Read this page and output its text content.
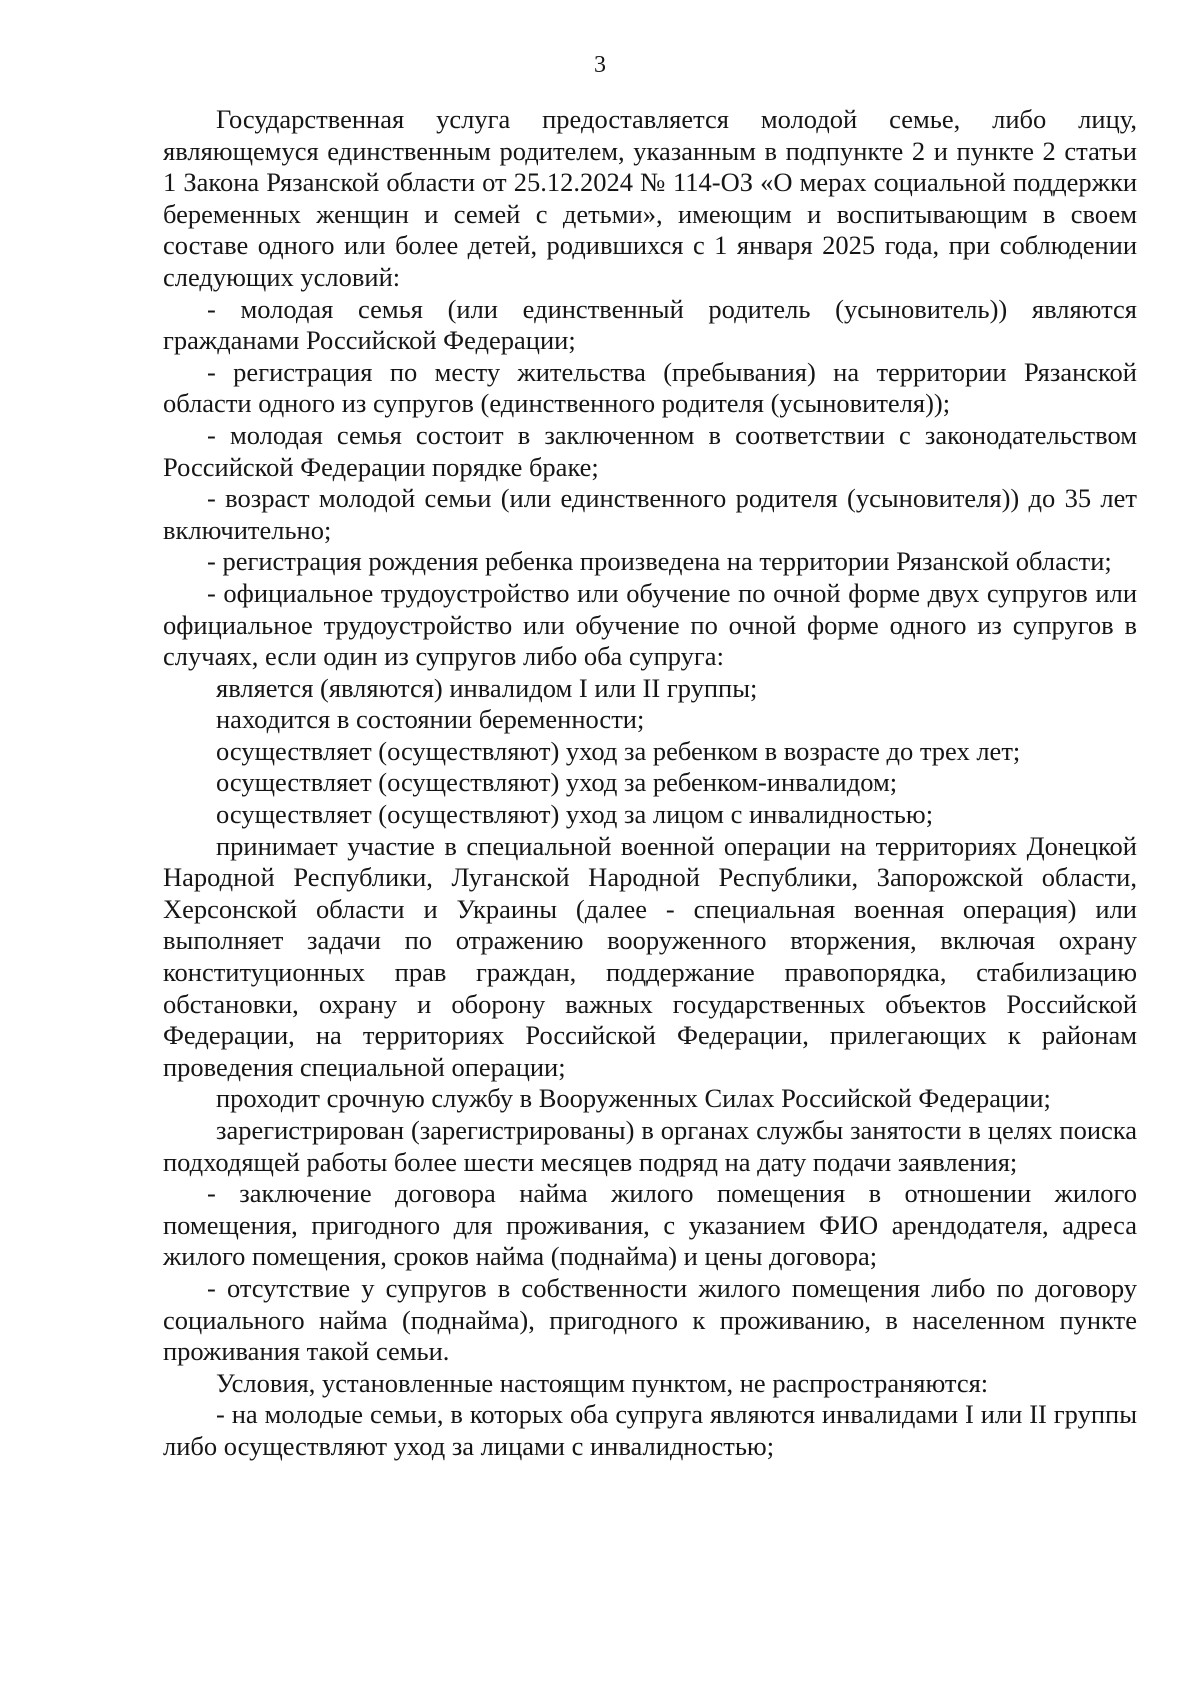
3

Государственная услуга предоставляется молодой семье, либо лицу, являющемуся единственным родителем, указанным в подпункте 2 и пункте 2 статьи 1 Закона Рязанской области от 25.12.2024 № 114-ОЗ «О мерах социальной поддержки беременных женщин и семей с детьми», имеющим и воспитывающим в своем составе одного или более детей, родившихся с 1 января 2025 года, при соблюдении следующих условий:

- молодая семья (или единственный родитель (усыновитель)) являются гражданами Российской Федерации;

- регистрация по месту жительства (пребывания) на территории Рязанской области одного из супругов (единственного родителя (усыновителя));

- молодая семья состоит в заключенном в соответствии с законодательством Российской Федерации порядке браке;

- возраст молодой семьи (или единственного родителя (усыновителя)) до 35 лет включительно;

- регистрация рождения ребенка произведена на территории Рязанской области;

- официальное трудоустройство или обучение по очной форме двух супругов или официальное трудоустройство или обучение по очной форме одного из супругов в случаях, если один из супругов либо оба супруга:

является (являются) инвалидом I или II группы;

находится в состоянии беременности;

осуществляет (осуществляют) уход за ребенком в возрасте до трех лет;

осуществляет (осуществляют) уход за ребенком-инвалидом;

осуществляет (осуществляют) уход за лицом с инвалидностью;

принимает участие в специальной военной операции на территориях Донецкой Народной Республики, Луганской Народной Республики, Запорожской области, Херсонской области и Украины (далее - специальная военная операция) или выполняет задачи по отражению вооруженного вторжения, включая охрану конституционных прав граждан, поддержание правопорядка, стабилизацию обстановки, охрану и оборону важных государственных объектов Российской Федерации, на территориях Российской Федерации, прилегающих к районам проведения специальной операции;

проходит срочную службу в Вооруженных Силах Российской Федерации;

зарегистрирован (зарегистрированы) в органах службы занятости в целях поиска подходящей работы более шести месяцев подряд на дату подачи заявления;

- заключение договора найма жилого помещения в отношении жилого помещения, пригодного для проживания, с указанием ФИО арендодателя, адреса жилого помещения, сроков найма (поднайма) и цены договора;

- отсутствие у супругов в собственности жилого помещения либо по договору социального найма (поднайма), пригодного к проживанию, в населенном пункте проживания такой семьи.

Условия, установленные настоящим пунктом, не распространяются:

- на молодые семьи, в которых оба супруга являются инвалидами I или II группы либо осуществляют уход за лицами с инвалидностью;
